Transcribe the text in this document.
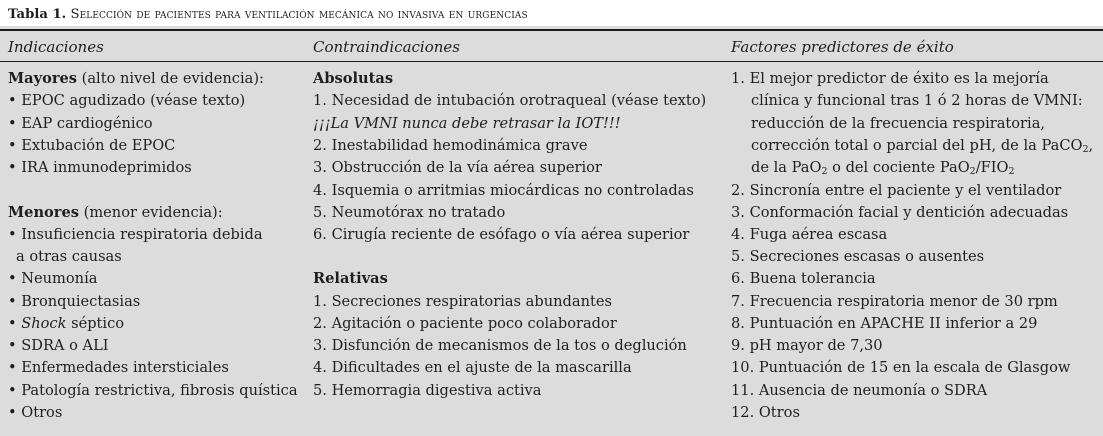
Tabla 1. Selección de pacientes para ventilación mecánica no invasiva en urgencias
Indicaciones	Contraindicaciones	Factores predictores de éxito
Mayores (alto nivel de evidencia):
• EPOC agudizado (véase texto)
• EAP cardiogénico
• Extubación de EPOC
• IRA inmunodeprimidos
Menores (menor evidencia):
• Insuficiencia respiratoria debida
a otras causas
• Neumonía
• Bronquiectasias
• Shock séptico
• SDRA o ALI
• Enfermedades intersticiales
• Patología restrictiva, fibrosis quística
• Otros
Absolutas
1. Necesidad de intubación orotraqueal (véase texto)
¡¡¡La VMNI nunca debe retrasar la IOT!!!
2. Inestabilidad hemodinámica grave
3. Obstrucción de la vía aérea superior
4. Isquemia o arritmias miocárdicas no controladas
5. Neumotórax no tratado
6. Cirugía reciente de esófago o vía aérea superior
Relativas
1. Secreciones respiratorias abundantes
2. Agitación o paciente poco colaborador
3. Disfunción de mecanismos de la tos o deglución
4. Dificultades en el ajuste de la mascarilla
5. Hemorragia digestiva activa
1. El mejor predictor de éxito es la mejoría
clínica y funcional tras 1 ó 2 horas de VMNI:
reducción de la frecuencia respiratoria,
corrección total o parcial del pH, de la PaCO$_2$,
de la PaO$_2$ o del cociente $PaO_2/FIO_2$
2. Sincronía entre el paciente y el ventilador
3. Conformación facial y dentición adecuadas
4. Fuga aérea escasa
5. Secreciones escasas o ausentes
6. Buena tolerancia
7. Frecuencia respiratoria menor de 30 rpm
8. Puntuación en APACHE II inferior a 29
9. pH mayor de 7,30
10. Puntuación de 15 en la escala de Glasgow
11. Ausencia de neumonía o SDRA
12. Otros
